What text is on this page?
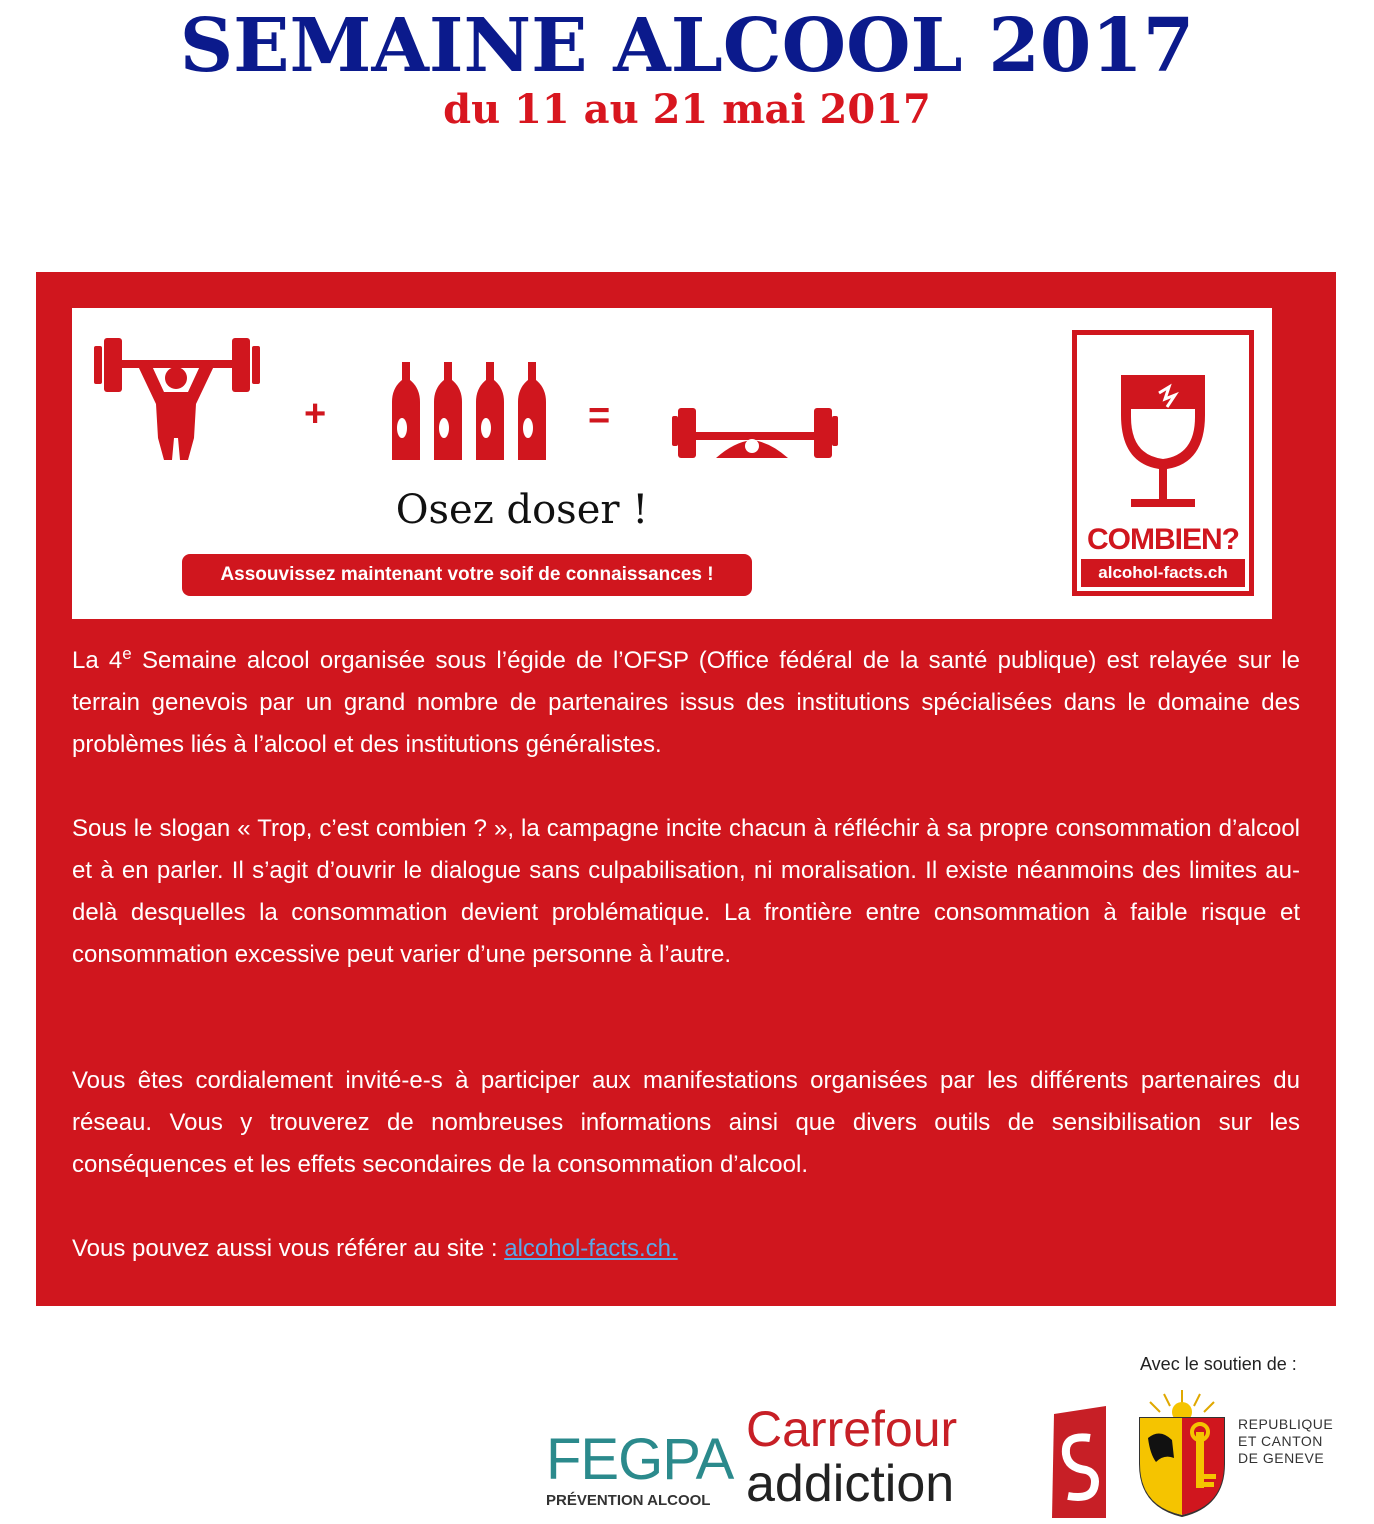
SEMAINE ALCOOL 2017
du 11 au 21 mai 2017
+	=
Osez doser !
Assouvissez maintenant votre soif de connaissances !
COMBIEN?
alcohol-facts.ch
La 4e Semaine alcool organisée sous l’égide de l’OFSP (Office fédéral de la santé publique) est relayée sur le terrain genevois par un grand nombre de partenaires issus des institutions spécialisées dans le domaine des problèmes liés à l’alcool et des institutions généralistes.
Sous le slogan « Trop, c’est combien ? », la campagne incite chacun à réfléchir à sa propre consommation d’alcool et à en parler. Il s’agit d’ouvrir le dialogue sans culpabilisation, ni moralisation. Il existe néanmoins des limites au-delà desquelles la consommation devient problématique. La frontière entre consommation à faible risque et consommation excessive peut varier d’une personne à l’autre.
Vous êtes cordialement invité-e-s à participer aux manifestations organisées par les différents partenaires du réseau. Vous y trouverez de nombreuses informations ainsi que divers outils de sensibilisation sur les conséquences et les effets secondaires de la consommation d’alcool.
Vous pouvez aussi vous référer au site : alcohol-facts.ch.
Avec le soutien de :
FEGPA
PRÉVENTION ALCOOL
Carrefour
addiction
REPUBLIQUE
ET CANTON
DE GENEVE
